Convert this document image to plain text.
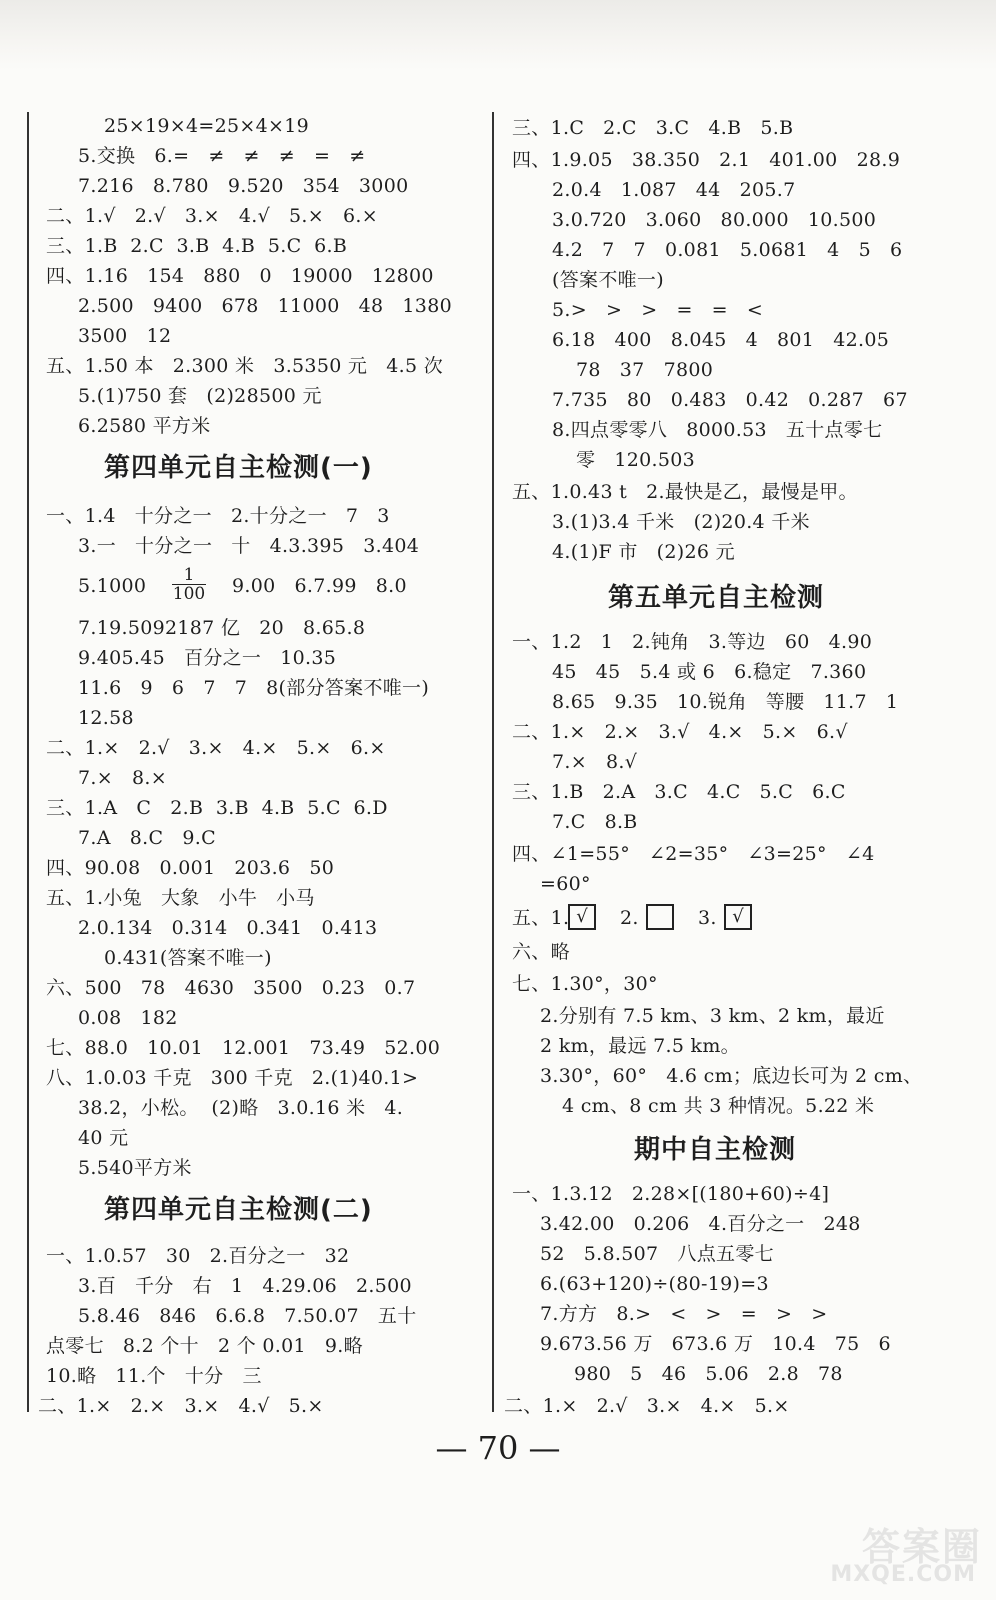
25×19×4=25×4×19
5.交换   6.=   ≠   ≠   ≠   =   ≠
7.216   8.780   9.520   354   3000
二、1.√   2.√   3.×   4.√   5.×   6.×
三、1.B  2.C  3.B  4.B  5.C  6.B
四、1.16   154   880   0   19000   12800
2.500   9400   678   11000   48   1380
3500   12
五、1.50 本   2.300 米   3.5350 元   4.5 次
5.(1)750 套   (2)28500 元
6.2580 平方米
第四单元自主检测(一)
一、1.4   十分之一   2.十分之一   7   3
3.一   十分之一   十   4.3.395   3.404
$5.1000 \frac{1}{100} 9.00$   6.7.99   8.0
7.19.5092187 亿   20   8.65.8
9.405.45   百分之一   10.35
11.6   9   6   7   7   8(部分答案不唯一)
12.58
二、1.×   2.√   3.×   4.×   5.×   6.×
7.×   8.×
三、1.A   C   2.B  3.B  4.B  5.C  6.D
7.A   8.C   9.C
四、90.08   0.001   203.6   50
五、1.小兔   大象   小牛   小马
2.0.134   0.314   0.341   0.413
0.431(答案不唯一)
六、500   78   4630   3500   0.23   0.7
0.08   182
七、88.0   10.01   12.001   73.49   52.00
八、1.0.03 千克   300 千克   2.(1)40.1>
38.2，小松。  (2)略   3.0.16 米   4.
40 元
5.540平方米
第四单元自主检测(二)
一、1.0.57   30   2.百分之一   32
3.百   千分   右   1   4.29.06   2.500
5.8.46   846   6.6.8   7.50.07   五十
点零七   8.2 个十   2 个 0.01   9.略
10.略   11.个   十分   三
二、1.×   2.×   3.×   4.√   5.×
三、1.C   2.C   3.C   4.B   5.B
四、1.9.05   38.350   2.1   401.00   28.9
2.0.4   1.087   44   205.7
3.0.720   3.060   80.000   10.500
4.2   7   7   0.081   5.0681   4   5   6
(答案不唯一)
5.>   >   >   =   =   <
6.18   400   8.045   4   801   42.05
78   37   7800
7.735   80   0.483   0.42   0.287   67
8.四点零零八   8000.53   五十点零七
零   120.503
五、1.0.43 t   2.最快是乙，最慢是甲。
3.(1)3.4 千米   (2)20.4 千米
4.(1)F 市   (2)26 元
第五单元自主检测
一、1.2   1   2.钝角   3.等边   60   4.90
45   45   5.4 或 6   6.稳定   7.360
8.65   9.35   10.锐角   等腰   11.7   1
二、1.×   2.×   3.√   4.×   5.×   6.√
7.×   8.√
三、1.B   2.A   3.C   4.C   5.C   6.C
7.C   8.B
四、∠1=55°   ∠2=35°   ∠3=25°   ∠4
=60°
五、1. √	2.	3. √
六、略
七、1.30°，30°
2.分别有 7.5 km、3 km、2 km，最近
2 km，最远 7.5 km。
3.30°，60°   4.6 cm；底边长可为 2 cm、
4 cm、8 cm 共 3 种情况。5.22 米
期中自主检测
一、1.3.12   2.28×[(180+60)÷4]
3.42.00   0.206   4.百分之一   248
52   5.8.507   八点五零七
6.(63+120)÷(80-19)=3
7.方方   8.>   <   >   =   >   >
9.673.56 万   673.6 万   10.4   75   6
980   5   46   5.06   2.8   78
二、1.×   2.√   3.×   4.×   5.×
— 70 —
答案圈
MXQE.COM
